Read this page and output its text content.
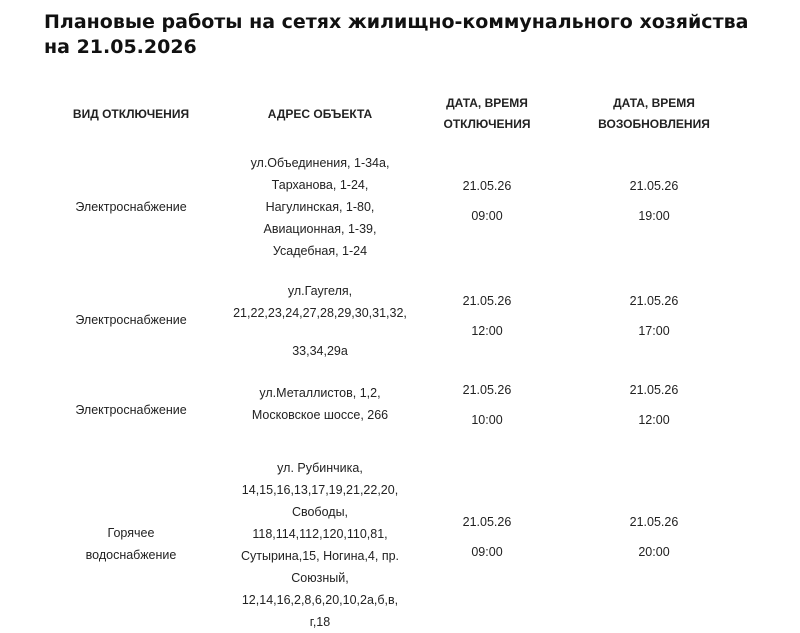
Плановые работы на сетях жилищно-коммунального хозяйства на 21.05.2026
ВИД ОТКЛЮЧЕНИЯ	АДРЕС ОБЪЕКТА
ДАТА, ВРЕМЯ
ОТКЛЮЧЕНИЯ
ДАТА, ВРЕМЯ
ВОЗОБНОВЛЕНИЯ
Электроснабжение
ул.Объединения, 1-34а,
Тарханова, 1-24,
Нагулинская, 1-80,
Авиационная, 1-39,
Усадебная, 1-24
21.05.26
09:00
21.05.26
19:00
Электроснабжение
ул.Гаугеля,
21,22,23,24,27,28,29,30,31,32,
33,34,29а
21.05.26
12:00
21.05.26
17:00
Электроснабжение
ул.Металлистов, 1,2,
Московское шоссе, 266
21.05.26
10:00
21.05.26
12:00
Горячее
водоснабжение
ул. Рубинчика,
14,15,16,13,17,19,21,22,20,
Свободы,
118,114,112,120,110,81,
Сутырина,15, Ногина,4, пр.
Союзный,
12,14,16,2,8,6,20,10,2а,б,в,
г,18
21.05.26
09:00
21.05.26
20:00
